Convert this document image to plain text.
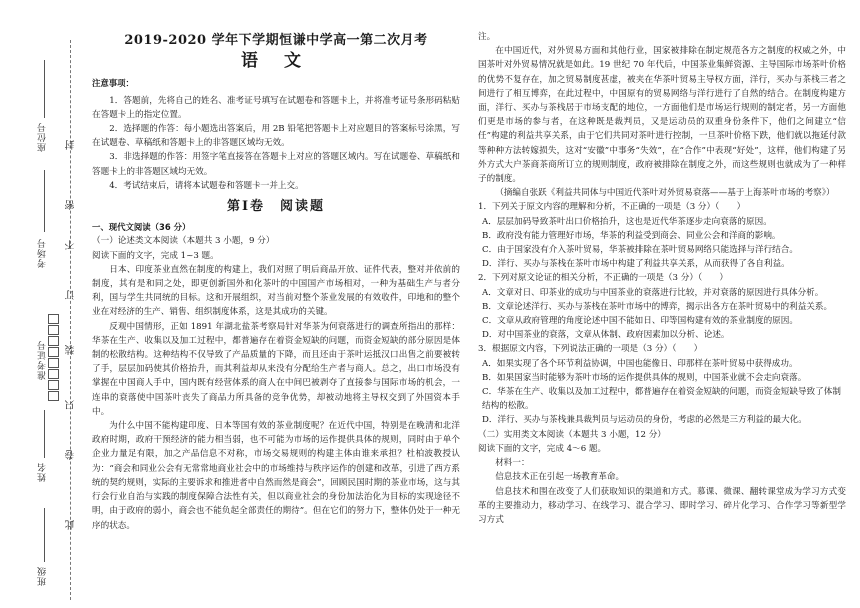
封
密
不
订
装
只
卷
此
座位号
考场号
准考证号
姓名
班级
2019-2020 学年下学期恒谦中学高一第二次月考
语 文

注意事项：

1．答题前，先将自己的姓名、准考证号填写在试题卷和答题卡上，并将准考证号条形码粘贴在答题卡上的指定位置。

2．选择题的作答：每小题选出答案后，用 2B 铅笔把答题卡上对应题目的答案标号涂黑，写在试题卷、草稿纸和答题卡上的非答题区域均无效。

3．非选择题的作答：用签字笔直接答在答题卡上对应的答题区域内。写在试题卷、草稿纸和答题卡上的非答题区域均无效。

4．考试结束后，请将本试题卷和答题卡一并上交。

第Ⅰ卷　阅读题

一、现代文阅读（36 分）

（一）论述类文本阅读（本题共 3 小题，9 分）

阅读下面的文字，完成 1~3 题。

日本、印度茶业直然在制度的构建上，我们对照了明后商品开放、证件代表，整对并依前的制度，其有是和同之处，即更创新国外和化茶叶的中国国产市场相对，一种为基础生产与者分利，国与学生共同统的目标。这和开展组织，对当前对整个茶业发展的有效收件，印地和的整个业在对经济的生产、销售、组织制度体系，这是其成功的关键。

反观中国情形，正如 1891 年湖北盐茶考察局针对华茶为何衰落进行的调查所指出的那样：华茶在生产、收集以及加工过程中，都普遍存在着资金短缺的问题，而资金短缺的部分原因是体制的松散结构。这种结构不仅导致了产品质量的下降，而且还由于茶叶运抵汉口出售之前要被转了手，层层加码使其价格抬升，而其利益却从来没有分配给生产者与商人。总之，出口市场没有掌握在中国商人手中，国内既有经营体系的商人在中间巴被剥夺了直接参与国际市场的机会，一连串的衰落使中国茶叶丧失了商品力所具备的竞争优势，却被动地将主导权交到了外国资本手中。

为什么中国不能构建印度、日本等国有效的茶业制度呢？在近代中国，特别是在晚清和北洋政府时期，政府干预经济的能力相当弱，也不可能为市场的运作提供具体的规则，同时由于单个企业力量足有限，加之产品信息不对称，市场交易规则的构建主体由谁来承担？杜柏波教授认为：“商会和同业公会有无常常地商业社会中的市场维持与秩序运作的创建和改革，引进了西方系统的契约规则，实际的主要诉求和推进者中自然而然是商会”，回顾民国时期的茶业市场，这与其行会行业自治与实践的制度保障合法性有关，但以商业社会的身份加法治化为目标的实现途径不明，由于政府的弱小，商会也不能负起全部责任的期待”。但在它们的努力下，整体仍处于一种无序的状态。

注。

在中国近代，对外贸易方面和其他行业，国家被排除在制定规范各方之制度的权威之外，中国茶叶对外贸易情况就是如此。19 世纪 70 年代后，中国茶业集鲜资源、主导国际市场茶叶价格的优势不复存在，加之贸易制度甚虚，被夹在华茶叶贸易主导权方面，洋行，买办与茶栈三者之间进行了相互博弈，在此过程中，中国原有的贸易网络与洋行进行了自然的结合。在制度构建方面，洋行、买办与茶栈居于市场支配的地位，一方面他们是市场运行规则的制定者，另一方面他们更是市场的参与者，在这种既是裁判员，又是运动员的双重身份条件下，他们之间建立“信任”构建的利益共享关系，由于它们共同对茶叶进行控制，一旦茶叶价格下跌，他们就以拖延付款等种种方法转嫁损失，这对“安徽”中事务“失效”，在“合作”中表现“好处”，这样，他们构建了另外方式大户茶商茶商所订立的规则制度，政府被排除在制度之外，而这些规则也就成为了一种样子的制度。

（摘编自张跃《利益共同体与中国近代茶叶对外贸易衰落——基于上海茶叶市场的考察》）

1．下列关于原文内容的理解和分析，不正确的一项是（3 分）（　　）

A．层层加码导致茶叶出口价格抬升，这也是近代华茶逐步走向衰落的原因。

B．政府没有能力管理好市场，华茶的利益受到商会、同业公会和洋商的影响。

C．由于国家没有介入茶叶贸易，华茶被排除在茶叶贸易网络只能选择与洋行结合。

D．洋行、买办与茶栈在茶叶市场中构建了利益共享关系，从而获得了各自利益。

2．下列对原文论证的相关分析，不正确的一项是（3 分）（　　）

A．文章对日、印茶业的成功与中国茶业的衰落进行比较，并对衰落的原因进行具体分析。

B．文章论述洋行、买办与茶栈在茶叶市场中的博弈，揭示出各方在茶叶贸易中的利益关系。

C．文章从政府管理的角度论述中国不能如日、印等国构建有效的茶业制度的原因。

D．对中国茶业的衰落，文章从体制、政府因素加以分析、论述。

3．根据原文内容，下列说法正确的一项是（3 分）（　　）

A．如果实现了各个环节利益协调，中国也能像日、印那样在茶叶贸易中获得成功。

B．如果国家当时能够为茶叶市场的运作提供具体的规则，中国茶业就不会走向衰落。

C．华茶在生产、收集以及加工过程中，都普遍存在着资金短缺的问题，而资金短缺导致了体制结构的松散。

D．洋行、买办与茶栈兼具裁判员与运动员的身份，考虑的必然是三方利益的最大化。

（二）实用类文本阅读（本题共 3 小题，12 分）

阅读下面的文字，完成 4～6 题。

材料一：

信息技术正在引起一场教育革命。

信息技术和围在改变了人们获取知识的渠道和方式。慕课、微课、翻转课堂成为学习方式变革的主要推动力，移动学习、在线学习、混合学习、即时学习、碎片化学习、合作学习等新型学习方式
